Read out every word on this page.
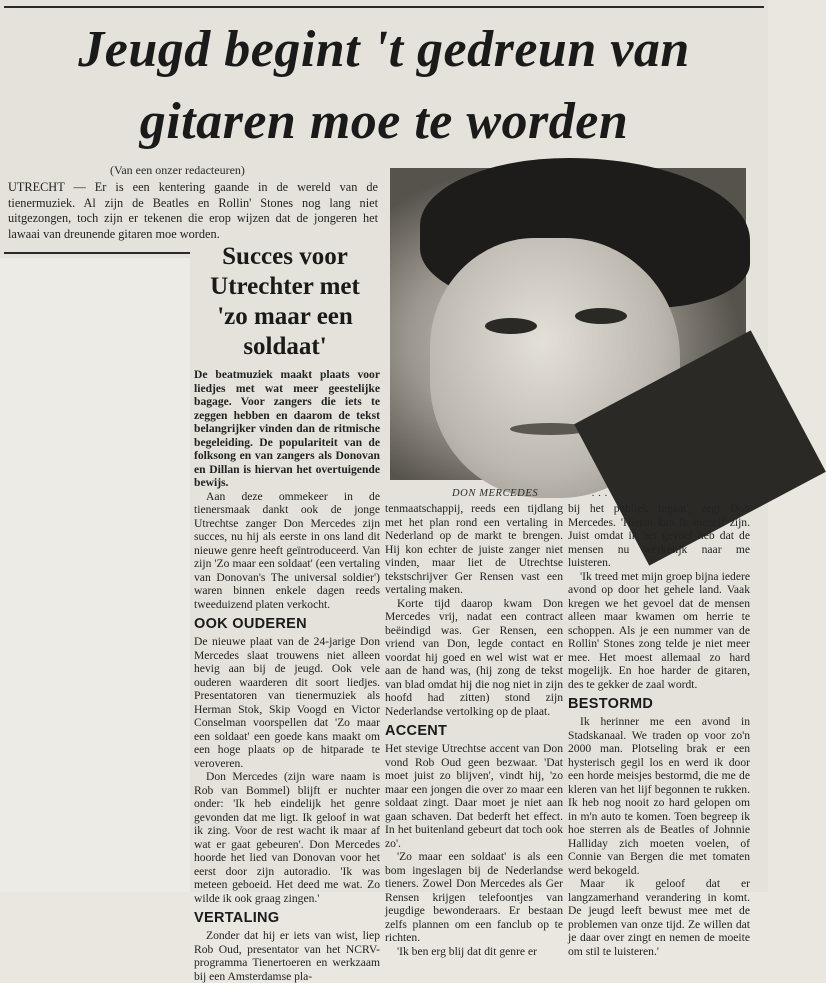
Jeugd begint 't gedreun van
gitaren moe te worden
(Van een onzer redacteuren)
UTRECHT — Er is een kentering gaande in de wereld van de tienermuziek. Al zijn de Beatles en Rollin' Stones nog lang niet uitgezongen, toch zijn er tekenen die erop wijzen dat de jongeren het lawaai van dreunende gitaren moe worden.
Succes voor
Utrechter met
'zo maar een
soldaat'
DON MERCEDES	. . . Utrechts accent . . .

De beatmuziek maakt plaats voor liedjes met wat meer geestelijke bagage. Voor zangers die iets te zeggen hebben en daarom de tekst belangrijker vinden dan de ritmische begeleiding. De populariteit van de folksong en van zangers als Donovan en Dillan is hiervan het overtuigende bewijs.

Aan deze ommekeer in de tienersmaak dankt ook de jonge Utrechtse zanger Don Mercedes zijn succes, nu hij als eerste in ons land dit nieuwe genre heeft geïntroduceerd. Van zijn 'Zo maar een soldaat' (een vertaling van Donovan's The universal soldier') waren binnen enkele dagen reeds tweeduizend platen verkocht.

OOK OUDEREN

De nieuwe plaat van de 24-jarige Don Mercedes slaat trouwens niet alleen hevig aan bij de jeugd. Ook vele ouderen waarderen dit soort liedjes. Presentatoren van tienermuziek als Herman Stok, Skip Voogd en Victor Conselman voorspellen dat 'Zo maar een soldaat' een goede kans maakt om een hoge plaats op de hitparade te veroveren.

Don Mercedes (zijn ware naam is Rob van Bommel) blijft er nuchter onder: 'Ik heb eindelijk het genre gevonden dat me ligt. Ik geloof in wat ik zing. Voor de rest wacht ik maar af wat er gaat gebeuren'. Don Mercedes hoorde het lied van Donovan voor het eerst door zijn autoradio. 'Ik was meteen geboeid. Het deed me wat. Zo wilde ik ook graag zingen.'

VERTALING

Zonder dat hij er iets van wist, liep Rob Oud, presentator van het NCRV-programma Tienertoeren en werkzaam bij een Amsterdamse pla-

tenmaatschappij, reeds een tijdlang met het plan rond een vertaling in Nederland op de markt te brengen. Hij kon echter de juiste zanger niet vinden, maar liet de Utrechtse tekstschrijver Ger Rensen vast een vertaling maken.

Korte tijd daarop kwam Don Mercedes vrij, nadat een contract beëindigd was. Ger Rensen, een vriend van Don, legde contact en voordat hij goed en wel wist wat er aan de hand was, (hij zong de tekst van blad omdat hij die nog niet in zijn hoofd had zitten) stond zijn Nederlandse vertolking op de plaat.

ACCENT

Het stevige Utrechtse accent van Don vond Rob Oud geen bezwaar. 'Dat moet juist zo blijven', vindt hij, 'zo maar een jongen die over zo maar een soldaat zingt. Daar moet je niet aan gaan schaven. Dat bederft het effect. In het buitenland gebeurt dat toch ook zo'.

'Zo maar een soldaat' is als een bom ingeslagen bij de Nederlandse tieners. Zowel Don Mercedes als Ger Rensen krijgen telefoontjes van jeugdige bewonderaars. Er bestaan zelfs plannen om een fanclub op te richten.

'Ik ben erg blij dat dit genre er

bij het publiek ingaat', zegt Don Mercedes. 'Hierin kan ik mezelf zijn. Juist omdat ik het gevoel heb dat de mensen nu werkelijk naar me luisteren.

'Ik treed met mijn groep bijna iedere avond op door het gehele land. Vaak kregen we het gevoel dat de mensen alleen maar kwamen om herrie te schoppen. Als je een nummer van de Rollin' Stones zong telde je niet meer mee. Het moest allemaal zo hard mogelijk. En hoe harder de gitaren, des te gekker de zaal wordt.

BESTORMD

Ik herinner me een avond in Stadskanaal. We traden op voor zo'n 2000 man. Plotseling brak er een hysterisch gegil los en werd ik door een horde meisjes bestormd, die me de kleren van het lijf begonnen te rukken. Ik heb nog nooit zo hard gelopen om in m'n auto te komen. Toen begreep ik hoe sterren als de Beatles of Johnnie Halliday zich moeten voelen, of Connie van Bergen die met tomaten werd bekogeld.

Maar ik geloof dat er langzamerhand verandering in komt. De jeugd leeft bewust mee met de problemen van onze tijd. Ze willen dat je daar over zingt en nemen de moeite om stil te luisteren.'
